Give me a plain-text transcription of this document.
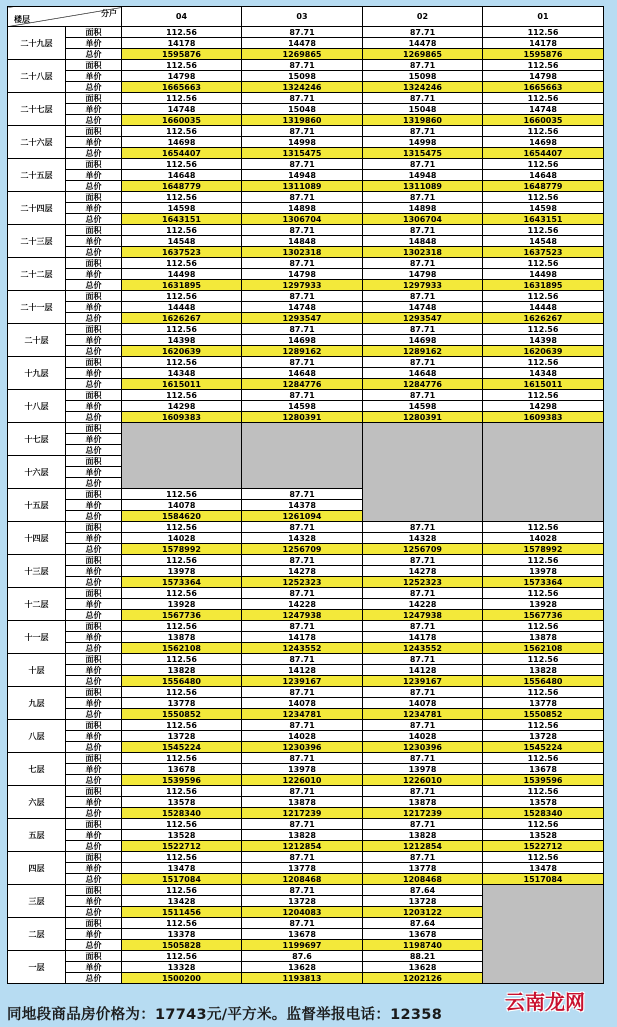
楼层
分户		04	03	02	01
二十九层	面积	112.56	87.71	87.71	112.56
	单价	14178	14478	14478	14178
	总价	1595876	1269865	1269865	1595876
二十八层	面积	112.56	87.71	87.71	112.56
	单价	14798	15098	15098	14798
	总价	1665663	1324246	1324246	1665663
二十七层	面积	112.56	87.71	87.71	112.56
	单价	14748	15048	15048	14748
	总价	1660035	1319860	1319860	1660035
二十六层	面积	112.56	87.71	87.71	112.56
	单价	14698	14998	14998	14698
	总价	1654407	1315475	1315475	1654407
二十五层	面积	112.56	87.71	87.71	112.56
	单价	14648	14948	14948	14648
	总价	1648779	1311089	1311089	1648779
二十四层	面积	112.56	87.71	87.71	112.56
	单价	14598	14898	14898	14598
	总价	1643151	1306704	1306704	1643151
二十三层	面积	112.56	87.71	87.71	112.56
	单价	14548	14848	14848	14548
	总价	1637523	1302318	1302318	1637523
二十二层	面积	112.56	87.71	87.71	112.56
	单价	14498	14798	14798	14498
	总价	1631895	1297933	1297933	1631895
二十一层	面积	112.56	87.71	87.71	112.56
	单价	14448	14748	14748	14448
	总价	1626267	1293547	1293547	1626267
二十层	面积	112.56	87.71	87.71	112.56
	单价	14398	14698	14698	14398
	总价	1620639	1289162	1289162	1620639
十九层	面积	112.56	87.71	87.71	112.56
	单价	14348	14648	14648	14348
	总价	1615011	1284776	1284776	1615011
十八层	面积	112.56	87.71	87.71	112.56
	单价	14298	14598	14598	14298
	总价	1609383	1280391	1280391	1609383
十七层	面积				
	单价				
	总价				
十六层	面积				
	单价				
	总价				
十五层	面积	112.56	87.71		
	单价	14078	14378		
	总价	1584620	1261094		
十四层	面积	112.56	87.71	87.71	112.56
	单价	14028	14328	14328	14028
	总价	1578992	1256709	1256709	1578992
十三层	面积	112.56	87.71	87.71	112.56
	单价	13978	14278	14278	13978
	总价	1573364	1252323	1252323	1573364
十二层	面积	112.56	87.71	87.71	112.56
	单价	13928	14228	14228	13928
	总价	1567736	1247938	1247938	1567736
十一层	面积	112.56	87.71	87.71	112.56
	单价	13878	14178	14178	13878
	总价	1562108	1243552	1243552	1562108
十层	面积	112.56	87.71	87.71	112.56
	单价	13828	14128	14128	13828
	总价	1556480	1239167	1239167	1556480
九层	面积	112.56	87.71	87.71	112.56
	单价	13778	14078	14078	13778
	总价	1550852	1234781	1234781	1550852
八层	面积	112.56	87.71	87.71	112.56
	单价	13728	14028	14028	13728
	总价	1545224	1230396	1230396	1545224
七层	面积	112.56	87.71	87.71	112.56
	单价	13678	13978	13978	13678
	总价	1539596	1226010	1226010	1539596
六层	面积	112.56	87.71	87.71	112.56
	单价	13578	13878	13878	13578
	总价	1528340	1217239	1217239	1528340
五层	面积	112.56	87.71	87.71	112.56
	单价	13528	13828	13828	13528
	总价	1522712	1212854	1212854	1522712
四层	面积	112.56	87.71	87.71	112.56
	单价	13478	13778	13778	13478
	总价	1517084	1208468	1208468	1517084
三层	面积	112.56	87.71	87.64	
	单价	13428	13728	13728	
	总价	1511456	1204083	1203122	
二层	面积	112.56	87.71	87.64	
	单价	13378	13678	13678	
	总价	1505828	1199697	1198740	
一层	面积	112.56	87.6	88.21	
	单价	13328	13628	13628	
	总价	1500200	1193813	1202126	
同地段商品房价格为：17743元/平方米。监督举报电话：12358
云南龙网
